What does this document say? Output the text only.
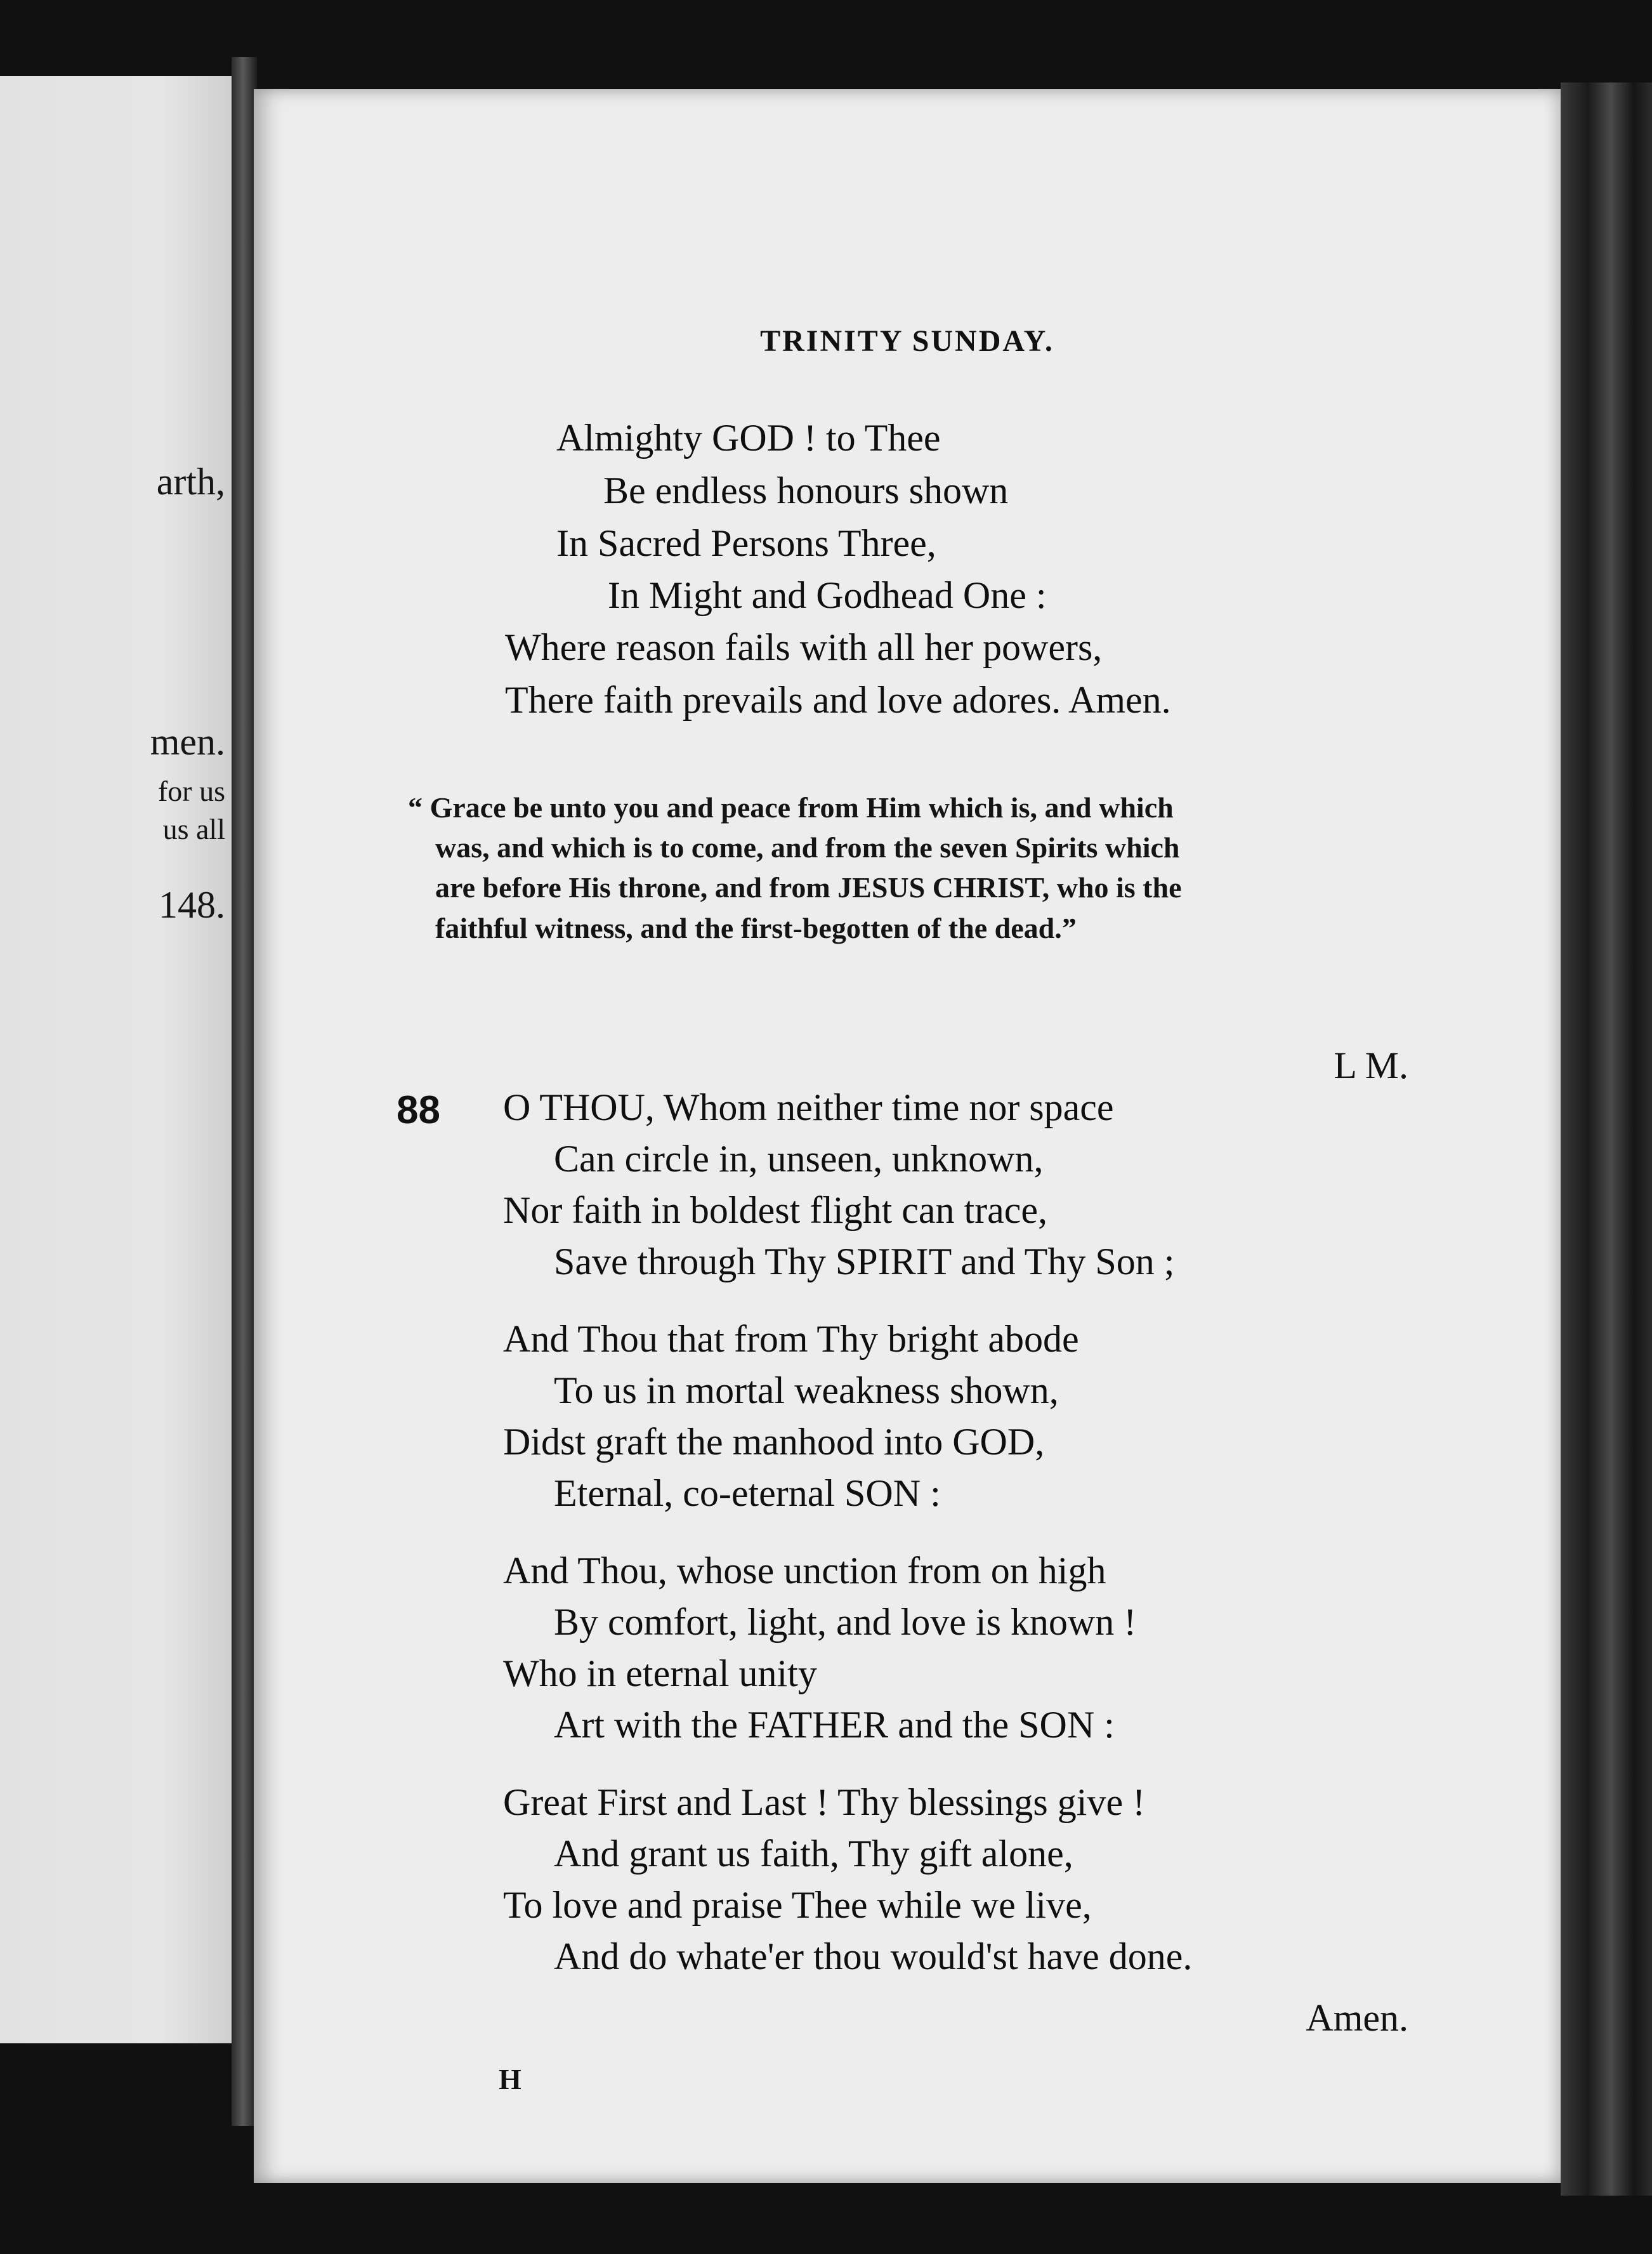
arth,
men.
for us
us all
148.
TRINITY SUNDAY.
Almighty GOD ! to Thee
Be endless honours shown
In Sacred Persons Three,
In Might and Godhead One :
Where reason fails with all her powers,
There faith prevails and love adores. Amen.
“ Grace be unto you and peace from Him which is, and which
was, and which is to come, and from the seven Spirits which
are before His throne, and from JESUS CHRIST, who is the
faithful witness, and the first-begotten of the dead.”
L M.
88 O THOU, Whom neither time nor space
Can circle in, unseen, unknown,
Nor faith in boldest flight can trace,
Save through Thy SPIRIT and Thy Son ;
And Thou that from Thy bright abode
To us in mortal weakness shown,
Didst graft the manhood into GOD,
Eternal, co-eternal SON :
And Thou, whose unction from on high
By comfort, light, and love is known !
Who in eternal unity
Art with the FATHER and the SON :
Great First and Last ! Thy blessings give !
And grant us faith, Thy gift alone,
To love and praise Thee while we live,
And do whate'er thou would'st have done.
Amen.
H
